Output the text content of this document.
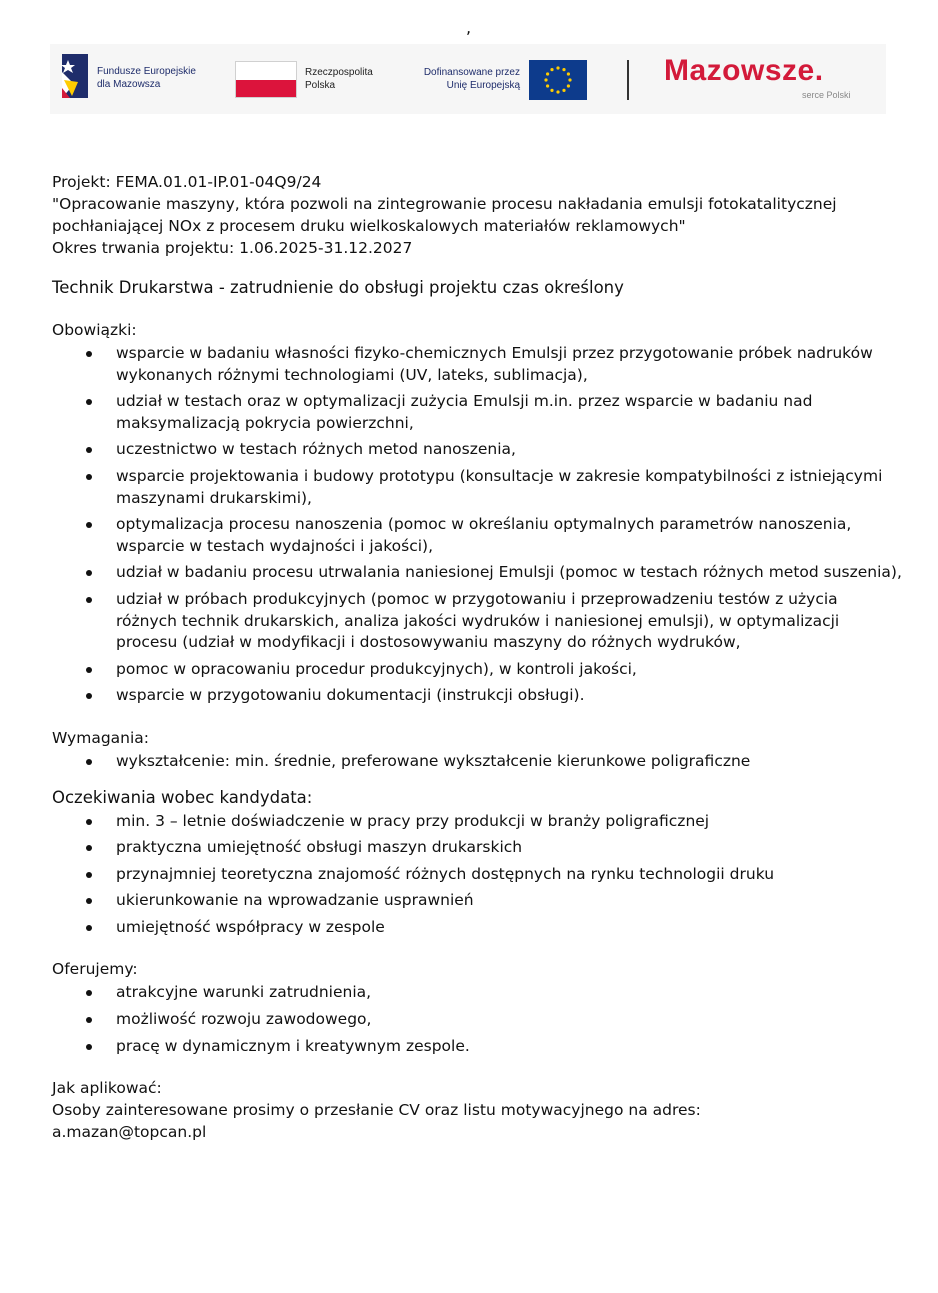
,
Fundusze Europejskie
dla Mazowsza
Rzeczpospolita
Polska
Dofinansowane przez
Unię Europejską	Mazowsze.
serce Polski

Projekt: FEMA.01.01-IP.01-04Q9/24

"Opracowanie maszyny, która pozwoli na zintegrowanie procesu nakładania emulsji fotokatalitycznej pochłaniającej NOx z procesem druku wielkoskalowych materiałów reklamowych"

Okres trwania projektu: 1.06.2025-31.12.2027

Technik Drukarstwa - zatrudnienie do obsługi projektu czas określony

Obowiązki:

wsparcie w badaniu własności fizyko-chemicznych Emulsji przez przygotowanie próbek nadruków wykonanych różnymi technologiami (UV, lateks, sublimacja),
udział w testach oraz w optymalizacji zużycia Emulsji m.in. przez wsparcie w badaniu nad maksymalizacją pokrycia powierzchni,
uczestnictwo w testach różnych metod nanoszenia,
wsparcie projektowania i budowy prototypu (konsultacje w zakresie kompatybilności z istniejącymi maszynami drukarskimi),
optymalizacja procesu nanoszenia (pomoc w określaniu optymalnych parametrów nanoszenia, wsparcie w testach wydajności i jakości),
udział w badaniu procesu utrwalania naniesionej Emulsji (pomoc w testach różnych metod suszenia),
udział w próbach produkcyjnych (pomoc w przygotowaniu i przeprowadzeniu testów z użycia różnych technik drukarskich, analiza jakości wydruków i naniesionej emulsji), w optymalizacji procesu (udział w modyfikacji i dostosowywaniu maszyny do różnych wydruków,
pomoc w opracowaniu procedur produkcyjnych), w kontroli jakości,
wsparcie w przygotowaniu dokumentacji (instrukcji obsługi).

Wymagania:

wykształcenie: min. średnie, preferowane wykształcenie kierunkowe poligraficzne

Oczekiwania wobec kandydata:

min. 3 – letnie doświadczenie w pracy przy produkcji w branży poligraficznej
praktyczna umiejętność obsługi maszyn drukarskich
przynajmniej teoretyczna znajomość różnych dostępnych na rynku technologii druku
ukierunkowanie na wprowadzanie usprawnień
umiejętność współpracy w zespole

Oferujemy:

atrakcyjne warunki zatrudnienia,
możliwość rozwoju zawodowego,
pracę w dynamicznym i kreatywnym zespole.

Jak aplikować:

Osoby zainteresowane prosimy o przesłanie CV oraz listu motywacyjnego na adres:

a.mazan@topcan.pl
